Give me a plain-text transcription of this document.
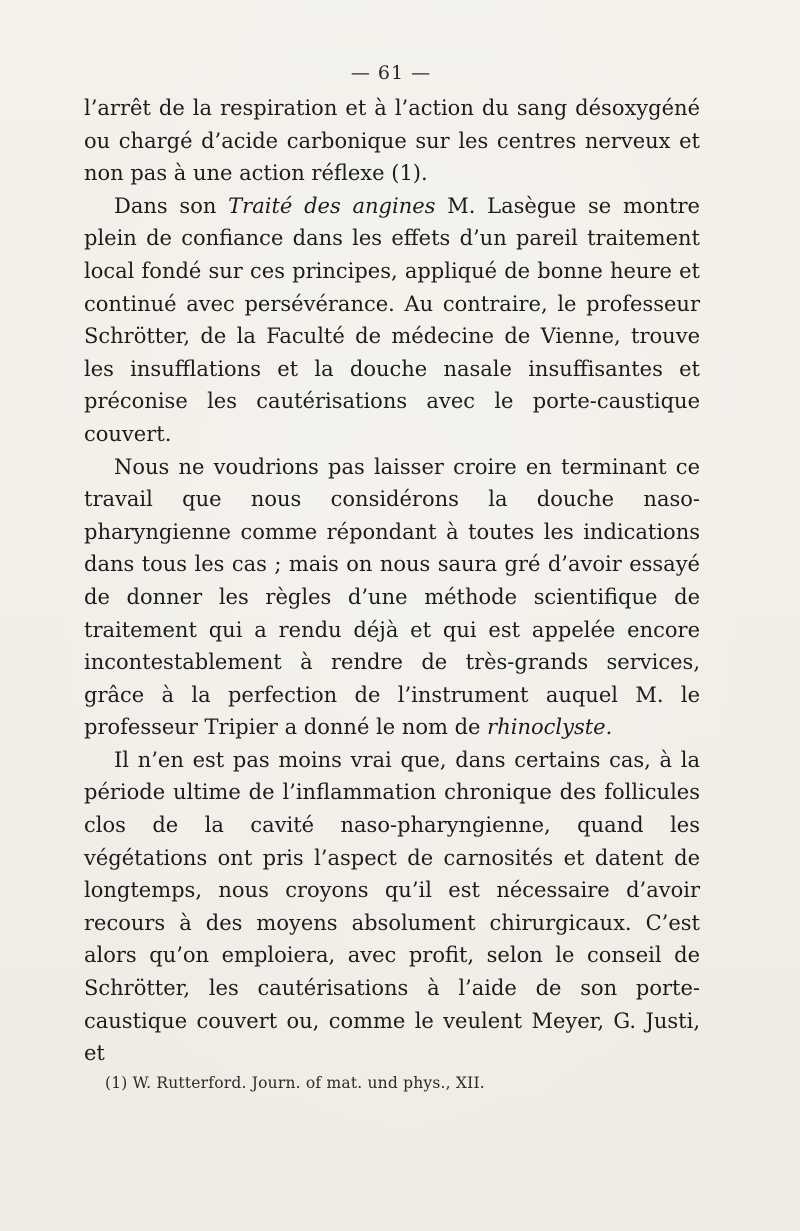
— 61 —

l’arrêt de la respiration et à l’action du sang désoxygéné ou chargé d’acide carbonique sur les centres nerveux et non pas à une action réflexe (1).

Dans son Traité des angines M. Lasègue se montre plein de confiance dans les effets d’un pareil traitement local fondé sur ces principes, appliqué de bonne heure et continué avec persévérance. Au contraire, le professeur Schrötter, de la Faculté de médecine de Vienne, trouve les insufflations et la douche nasale insuffisantes et préconise les cautérisations avec le porte-caustique couvert.

Nous ne voudrions pas laisser croire en terminant ce travail que nous considérons la douche naso-pharyngienne comme répondant à toutes les indications dans tous les cas ; mais on nous saura gré d’avoir essayé de donner les règles d’une méthode scientifique de traitement qui a rendu déjà et qui est appelée encore incontestablement à rendre de très-grands services, grâce à la perfection de l’instrument auquel M. le professeur Tripier a donné le nom de rhinoclyste.

Il n’en est pas moins vrai que, dans certains cas, à la période ultime de l’inflammation chronique des follicules clos de la cavité naso-pharyngienne, quand les végétations ont pris l’aspect de carnosités et datent de longtemps, nous croyons qu’il est nécessaire d’avoir recours à des moyens absolument chirurgicaux. C’est alors qu’on emploiera, avec profit, selon le conseil de Schrötter, les cautérisations à l’aide de son porte-caustique couvert ou, comme le veulent Meyer, G. Justi, et

(1) W. Rutterford. Journ. of mat. und phys., XII.
